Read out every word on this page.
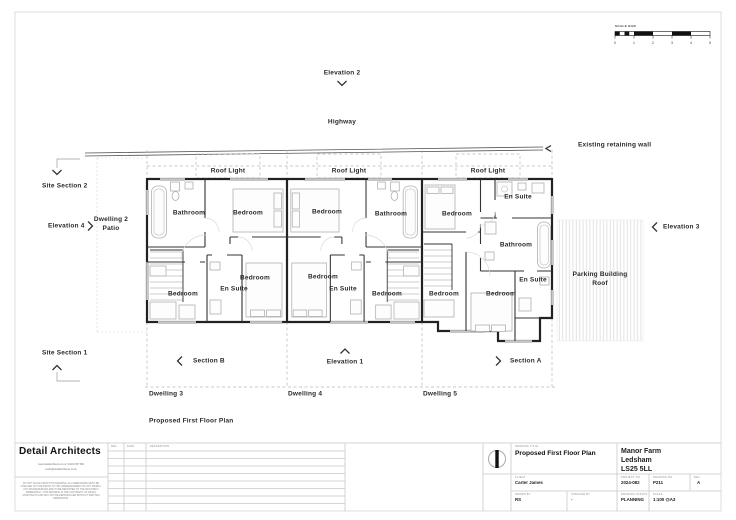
Elevation 2
Highway
Existing retaining wall
Site Section 2
Elevation 4
Dwelling 2
Patio
Site Section 1
Elevation 3
Parking Building
Roof
Section B	Elevation 1	Section A
Dwelling 3	Dwelling 4	Dwelling 5
Proposed First Floor Plan
Roof Light	Roof Light	Roof Light
Bathroom	Bedroom
Bedroom
En Suite
Bedroom
Bedroom	Bathroom
Bedroom
En Suite
Bedroom
Bedroom
En Suite
Bathroom
En Suite
Bedroom	Bedroom
SCALE BAR
0	1	2	3	4	5
Detail Architects
www.detailarchitects.co.uk | 01234 567 890
studio@detailarchitects.co.uk
DO NOT SCALE FROM THIS DRAWING. ALL DIMENSIONS MUST BE CHECKED ON SITE PRIOR TO THE COMMENCEMENT OF ANY WORKS. ANY DISCREPANCIES ARE TO BE REPORTED TO THE ARCHITECT IMMEDIATELY. THIS DRAWING IS THE COPYRIGHT OF DETAIL ARCHITECTS AND MAY NOT BE REPRODUCED WITHOUT WRITTEN PERMISSION.
REV	DATE	DESCRIPTION	DRAWING TITLE
Proposed First Floor Plan	Manor Farm
Ledsham
LS25 5LL
CLIENT
Carter James
PROJECT NO
2024-082
DRAWING NO
P211
REV
A
DRAWN BY
RS
CHECKED BY
-
DRAWING STATUS
PLANNING
SCALE
1:100 @A3
